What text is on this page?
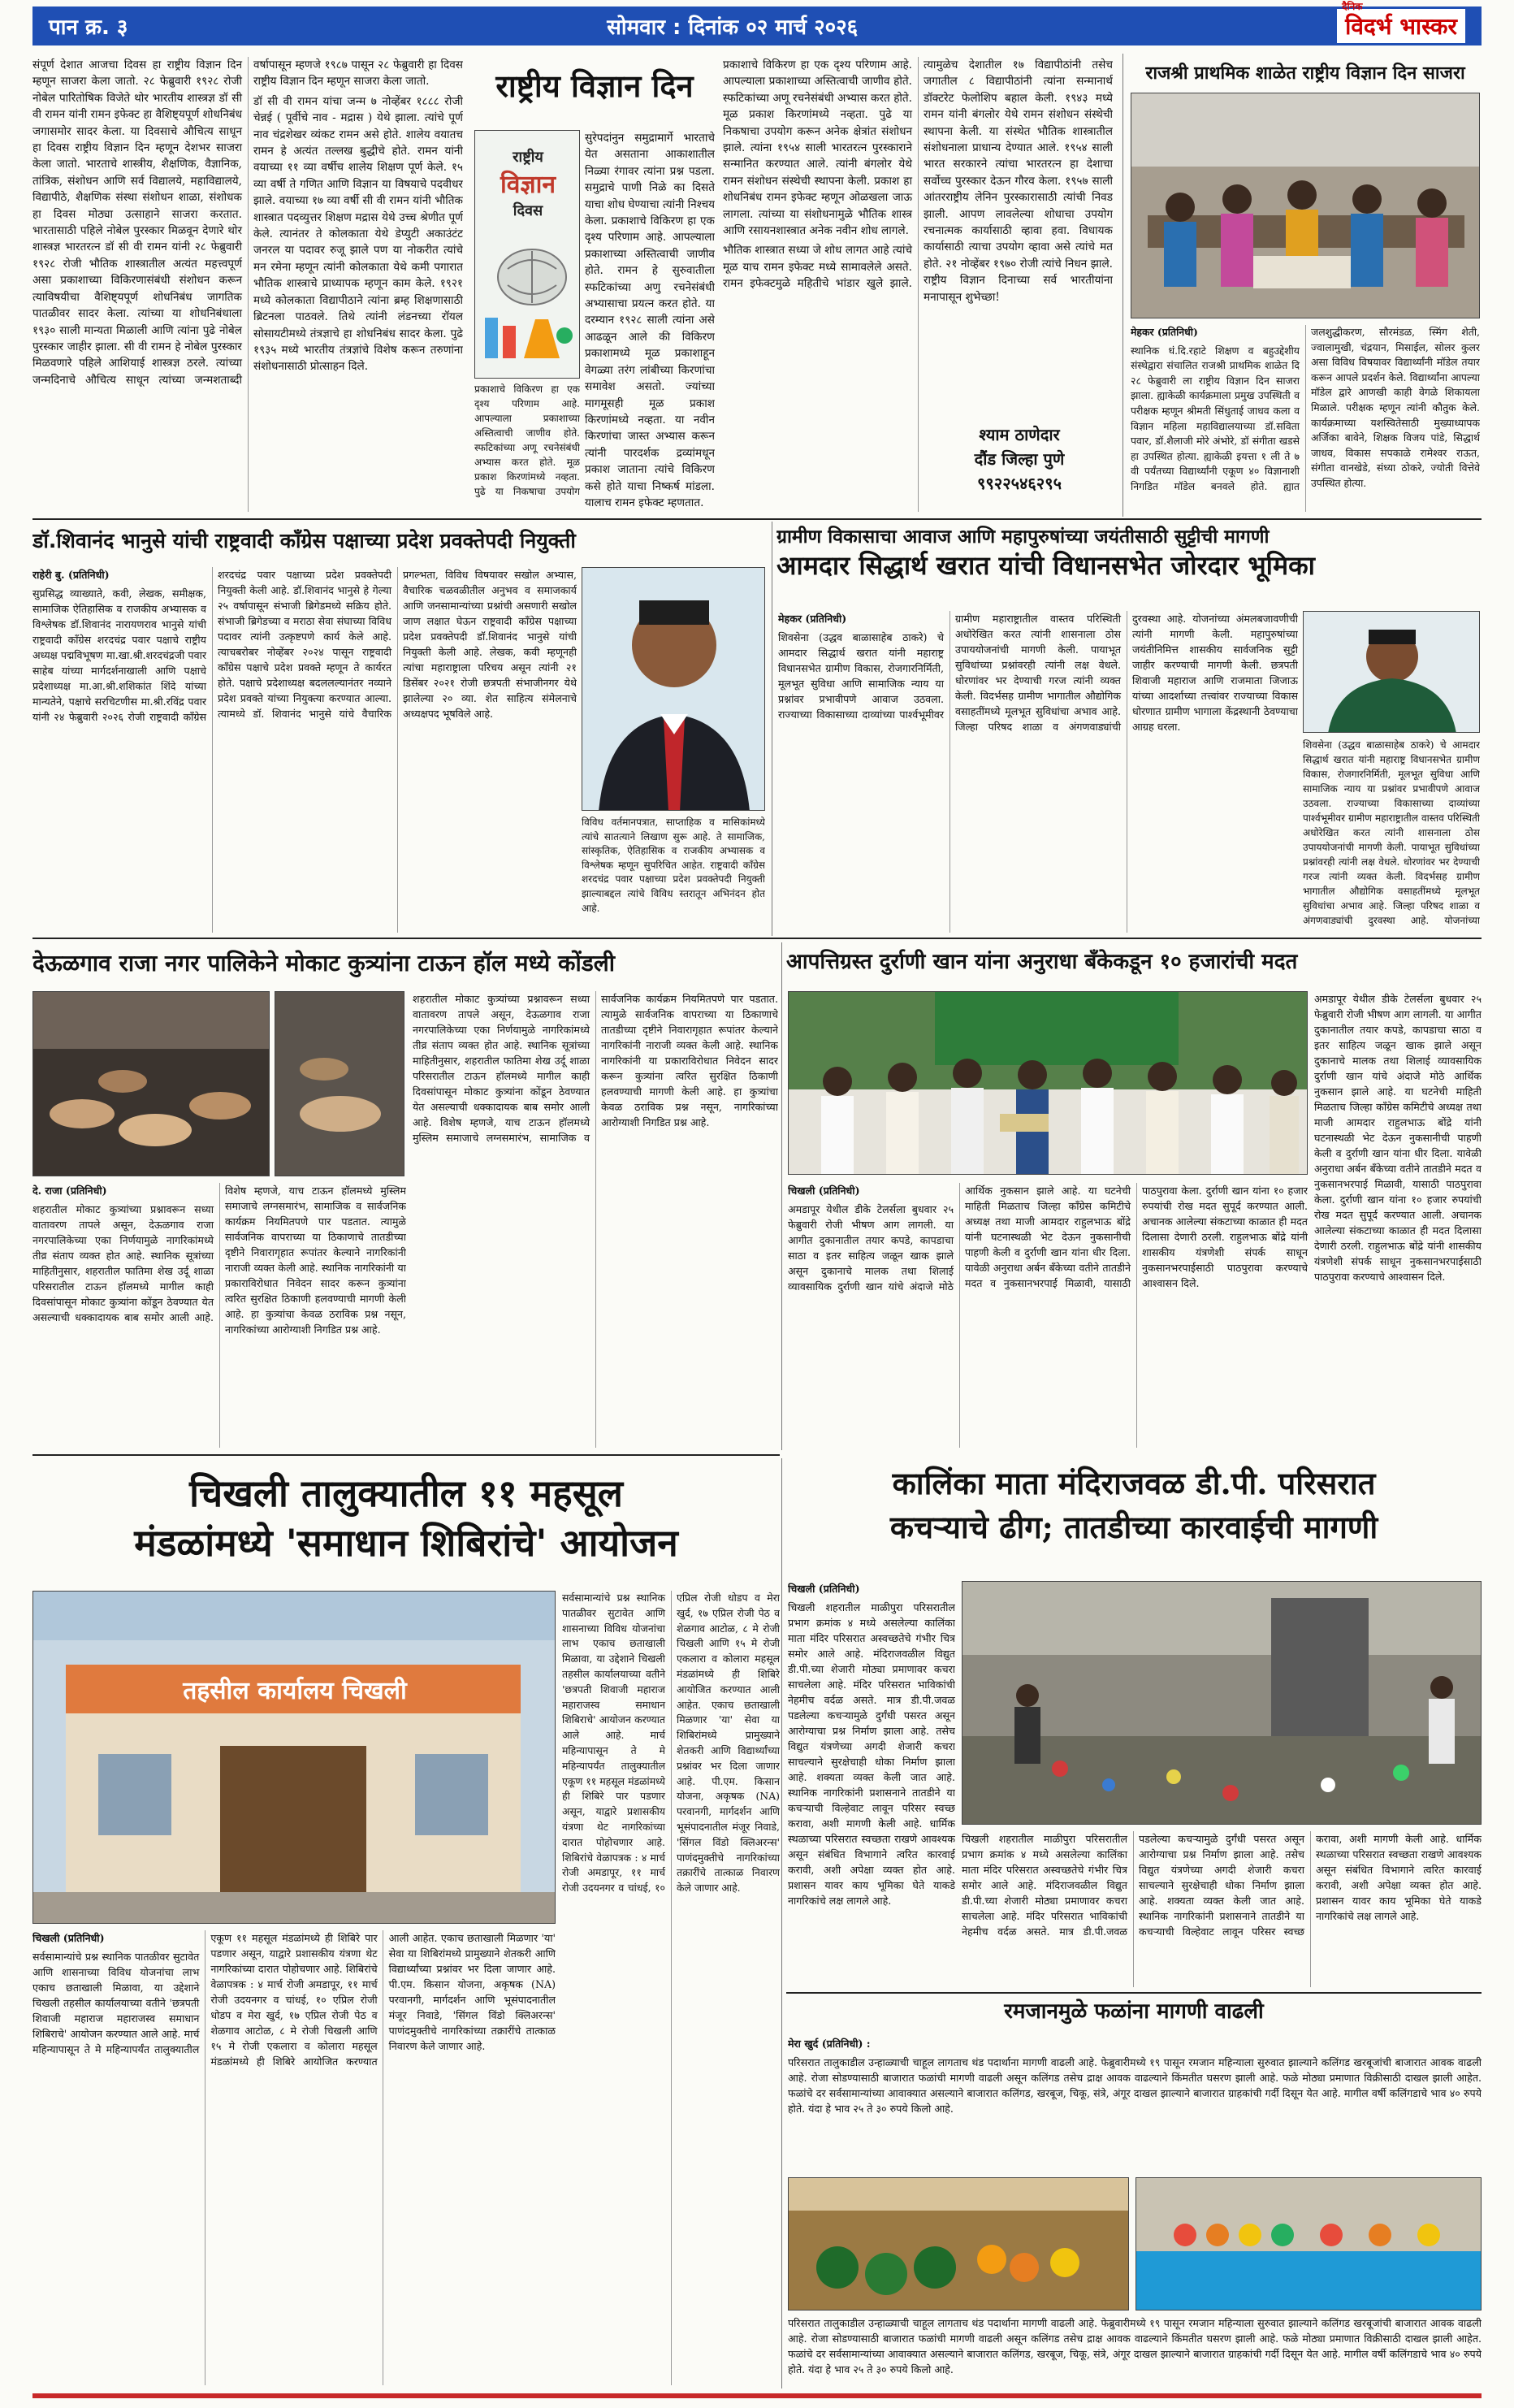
पान क्र. ३	सोमवार : दिनांक ०२ मार्च २०२६
दैनिक
विदर्भ भास्कर

संपूर्ण देशात आजचा दिवस हा राष्ट्रीय विज्ञान दिन म्हणून साजरा केला जातो. २८ फेब्रुवारी १९२८ रोजी नोबेल पारितोषिक विजेते थोर भारतीय शास्त्रज्ञ डॉ सी वी रामन यांनी रामन इफेक्ट हा वैशिष्ट्यपूर्ण शोधनिबंध जगासमोर सादर केला. या दिवसाचे औचित्य साधून हा दिवस राष्ट्रीय विज्ञान दिन म्हणून देशभर साजरा केला जातो. भारताचे शास्त्रीय, शैक्षणिक, वैज्ञानिक, तांत्रिक, संशोधन आणि सर्व विद्यालये, महाविद्यालये, विद्यापीठे, शैक्षणिक संस्था संशोधन शाळा, संशोधक हा दिवस मोठ्या उत्साहाने साजरा करतात. भारतासाठी पहिले नोबेल पुरस्कार मिळवून देणारे थोर शास्त्रज्ञ भारतरत्न डॉ सी वी रामन यांनी २८ फेब्रुवारी १९२८ रोजी भौतिक शास्त्रातील अत्यंत महत्त्वपूर्ण असा प्रकाशाच्या विकिरणासंबंधी संशोधन करून त्याविषयीचा वैशिष्ट्यपूर्ण शोधनिबंध जागतिक पातळीवर सादर केला. त्यांच्या या शोधनिबंधाला १९३० साली मान्यता मिळाली आणि त्यांना पुढे नोबेल पुरस्कार जाहीर झाला. सी वी रामन हे नोबेल पुरस्कार मिळवणारे पहिले आशियाई शास्त्रज्ञ ठरले. त्यांच्या जन्मदिनाचे औचित्य साधून त्यांच्या जन्मशताब्दी वर्षापासून म्हणजे १९८७ पासून २८ फेब्रुवारी हा दिवस राष्ट्रीय विज्ञान दिन म्हणून साजरा केला जातो.

डॉ सी वी रामन यांचा जन्म ७ नोव्हेंबर १८८८ रोजी चेन्नई ( पूर्वीचे नाव - मद्रास ) येथे झाला. त्यांचे पूर्ण नाव चंद्रशेखर व्यंकट रामन असे होते. शालेय वयातच रामन हे अत्यंत तल्लख बुद्धीचे होते. रामन यांनी वयाच्या ११ व्या वर्षीच शालेय शिक्षण पूर्ण केले. १५ व्या वर्षी ते गणित आणि विज्ञान या विषयाचे पदवीधर झाले. वयाच्या १७ व्या वर्षी सी वी रामन यांनी भौतिक शास्त्रात पदव्युत्तर शिक्षण मद्रास येथे उच्च श्रेणीत पूर्ण केले. त्यानंतर ते कोलकाता येथे डेप्युटी अकाउंटंट जनरल या पदावर रुजू झाले पण या नोकरीत त्यांचे मन रमेना म्हणून त्यांनी कोलकाता येथे कमी पगारात भौतिक शास्त्राचे प्राध्यापक म्हणून काम केले. १९२१ मध्ये कोलकाता विद्यापीठाने त्यांना ब्रम्ह शिक्षणासाठी ब्रिटनला पाठवले. तिथे त्यांनी लंडनच्या रॉयल सोसायटीमध्ये तंत्रज्ञाचे हा शोधनिबंध सादर केला. पुढे १९३५ मध्ये भारतीय तंत्रज्ञांचे विशेष करून तरुणांना संशोधनासाठी प्रोत्साहन दिले.

राष्ट्रीय विज्ञान दिन
राष्ट्रीय
विज्ञान
दिवस

सुरेपदांनुन समुद्रामार्गे भारताचे येत असताना आकाशातील निळ्या रंगावर त्यांना प्रश्न पडला. समुद्राचे पाणी निळे का दिसते याचा शोध घेण्याचा त्यांनी निश्चय केला. प्रकाशाचे विकिरण हा एक दृश्य परिणाम आहे. आपल्याला प्रकाशाच्या अस्तित्वाची जाणीव होते. रामन हे सुरुवातीला स्फटिकांच्या अणु रचनेसंबंधी अभ्यासाचा प्रयत्न करत होते. या दरम्यान १९२८ साली त्यांना असे आढळून आले की विकिरण प्रकाशामध्ये मूळ प्रकाशाहून वेगळ्या तरंग लांबीच्या किरणांचा समावेश असतो. ज्यांच्या मागमूसही मूळ प्रकाश किरणांमध्ये नव्हता. या नवीन किरणांचा जास्त अभ्यास करून त्यांनी पारदर्शक द्रव्यांमधून प्रकाश जाताना त्यांचे विकिरण कसे होते याचा निष्कर्ष मांडला. यालाच रामन इफेक्ट म्हणतात.

प्रकाशाचे विकिरण हा एक दृश्य परिणाम आहे. आपल्याला प्रकाशाच्या अस्तित्वाची जाणीव होते. स्फटिकांच्या अणू रचनेसंबंधी अभ्यास करत होते. मूळ प्रकाश किरणांमध्ये नव्हता. पुढे या निकषाचा उपयोग

प्रकाशाचे विकिरण हा एक दृश्य परिणाम आहे. आपल्याला प्रकाशाच्या अस्तित्वाची जाणीव होते. स्फटिकांच्या अणू रचनेसंबंधी अभ्यास करत होते. मूळ प्रकाश किरणांमध्ये नव्हता. पुढे या निकषाचा उपयोग करून अनेक क्षेत्रांत संशोधन झाले. त्यांना १९५४ साली भारतरत्न पुरस्काराने सन्मानित करण्यात आले. त्यांनी बंगलोर येथे रामन संशोधन संस्थेची स्थापना केली. प्रकाश हा शोधनिबंध रामन इफेक्ट म्हणून ओळखला जाऊ लागला. त्यांच्या या संशोधनामुळे भौतिक शास्त्र आणि रसायनशास्त्रात अनेक नवीन शोध लागले.

भौतिक शास्त्रात सध्या जे शोध लागत आहे त्यांचे मूळ याच रामन इफेक्ट मध्ये सामावलेले असते. रामन इफेक्टमुळे महितीचे भांडार खुले झाले. त्यामुळेच देशातील १७ विद्यापीठांनी तसेच जगातील ८ विद्यापीठांनी त्यांना सन्मानार्थ डॉक्टरेट फेलोशिप बहाल केली. १९४३ मध्ये रामन यांनी बंगलोर येथे रामन संशोधन संस्थेची स्थापना केली. या संस्थेत भौतिक शास्त्रातील संशोधनाला प्राधान्य देण्यात आले. १९५४ साली भारत सरकारने त्यांचा भारतरत्न हा देशाचा सर्वोच्च पुरस्कार देऊन गौरव केला. १९५७ साली आंतरराष्ट्रीय लेनिन पुरस्कारासाठी त्यांची निवड झाली. आपण लावलेल्या शोधाचा उपयोग रचनात्मक कार्यासाठी व्हावा हवा. विधायक कार्यासाठी त्याचा उपयोग व्हावा असे त्यांचे मत होते. २१ नोव्हेंबर १९७० रोजी त्यांचे निधन झाले. राष्ट्रीय विज्ञान दिनाच्या सर्व भारतीयांना मनापासून शुभेच्छा!

श्याम ठाणेदार
दौंड जिल्हा पुणे
९९२२५४६२९५
राजश्री प्राथमिक शाळेत राष्ट्रीय विज्ञान दिन साजरा

मेहकर (प्रतिनिधी)

स्थानिक धं.दि.रहाटे शिक्षण व बहुउद्देशीय संस्थेद्वारा संचालित राजश्री प्राथमिक शाळेत दि २८ फेब्रुवारी ला राष्ट्रीय विज्ञान दिन साजरा झाला. ह्याकेळी कार्यक्रमाला प्रमुख उपस्थिती व परीक्षक म्हणून श्रीमती सिंधुताई जाधव कला व विज्ञान महिला महाविद्यालयाच्या डॉ.सविता पवार, डॉ.शैलाजी मोरे अंभोरे, डॉ संगीता खडसे हा उपस्थित होत्या. ह्याकेळी इयत्ता १ ली ते ७ वी पर्यंतच्या विद्यार्थ्यांनी एकूण ४० विज्ञानाशी निगडित मॉडेल बनवले होते. ह्यात जलशुद्धीकरण, सौरमंडळ, स्मिंग शेती, ज्वालामुखी, चंद्रयान, मिसाईल, सोलर कुलर असा विविध विषयावर विद्यार्थ्यांनी मॉडेल तयार करून आपले प्रदर्शन केले. विद्यार्थ्यांना आपल्या मॉडेल द्वारे आणखी काही वेगळे शिकायला मिळाले. परीक्षक म्हणून त्यांनी कौतुक केले. कार्यक्रमाच्या यशस्वितेसाठी मुख्याध्यापक अर्जिका बावेने, शिक्षक विजय पांडे, सिद्धार्थ जाधव, विकास सपकाळे रामेश्वर राऊत, संगीता वानखेडे, संध्या ठोकरे, ज्योती वित्तेवे उपस्थित होत्या.

डॉ.शिवानंद भानुसे यांची राष्ट्रवादी काँग्रेस पक्षाच्या प्रदेश प्रवक्तेपदी नियुक्ती

राहेरी बु. (प्रतिनिधी)

सुप्रसिद्ध व्याख्याते, कवी, लेखक, समीक्षक, सामाजिक ऐतिहासिक व राजकीय अभ्यासक व विश्लेषक डॉ.शिवानंद नारायणराव भानुसे यांची राष्ट्रवादी काँग्रेस शरदचंद्र पवार पक्षाचे राष्ट्रीय अध्यक्ष पद्मविभूषण मा.खा.श्री.शरदचंद्रजी पवार साहेब यांच्या मार्गदर्शनाखाली आणि पक्षाचे प्रदेशाध्यक्ष मा.आ.श्री.शशिकांत शिंदे यांच्या मान्यतेने, पक्षाचे सरचिटणीस मा.श्री.रविंद्र पवार यांनी २४ फेब्रुवारी २०२६ रोजी राष्ट्रवादी काँग्रेस शरदचंद्र पवार पक्षाच्या प्रदेश प्रवक्तेपदी नियुक्ती केली आहे. डॉ.शिवानंद भानुसे हे गेल्या २५ वर्षापासून संभाजी ब्रिगेडमध्ये सक्रिय होते. संभाजी ब्रिगेडच्या व मराठा सेवा संघाच्या विविध पदावर त्यांनी उत्कृष्टपणे कार्य केले आहे. त्याचबरोबर नोव्हेंबर २०२४ पासून राष्ट्रवादी काँग्रेस पक्षाचे प्रदेश प्रवक्ते म्हणून ते कार्यरत होते. पक्षाचे प्रदेशाध्यक्ष बदललल्यानंतर नव्याने प्रदेश प्रवक्ते यांच्या नियुक्त्या करण्यात आल्या. त्यामध्ये डॉ. शिवानंद भानुसे यांचे वैचारिक प्रगल्भता, विविध विषयावर सखोल अभ्यास, वैचारिक चळवळीतील अनुभव व समाजकार्य आणि जनसामान्यांच्या प्रश्नांची असणारी सखोल जाण लक्षात घेऊन राष्ट्रवादी काँग्रेस पक्षाच्या प्रदेश प्रवक्तेपदी डॉ.शिवानंद भानुसे यांची नियुक्ती केली आहे. लेखक, कवी म्हणूनही त्यांचा महाराष्ट्राला परिचय असून त्यांनी २१ डिसेंबर २०२१ रोजी छत्रपती संभाजीनगर येथे झालेल्या २० व्या. शेत साहित्य संमेलनाचे अध्यक्षपद भूषविले आहे.

विविध वर्तमानपत्रात, साप्ताहिक व मासिकांमध्ये त्यांचे सातत्याने लिखाण सुरू आहे. ते सामाजिक, सांस्कृतिक, ऐतिहासिक व राजकीय अभ्यासक व विश्लेषक म्हणून सुपरिचित आहेत. राष्ट्रवादी काँग्रेस शरदचंद्र पवार पक्षाच्या प्रदेश प्रवक्तेपदी नियुक्ती झाल्याबद्दल त्यांचे विविध स्तरातून अभिनंदन होत आहे.

ग्रामीण विकासाचा आवाज आणि महापुरुषांच्या जयंतीसाठी सुट्टीची मागणी
आमदार सिद्धार्थ खरात यांची विधानसभेत जोरदार भूमिका

मेहकर (प्रतिनिधी)

शिवसेना (उद्धव बाळासाहेब ठाकरे) चे आमदार सिद्धार्थ खरात यांनी महाराष्ट्र विधानसभेत ग्रामीण विकास, रोजगारनिर्मिती, मूलभूत सुविधा आणि सामाजिक न्याय या प्रश्नांवर प्रभावीपणे आवाज उठवला. राज्याच्या विकासाच्या दाव्यांच्या पार्श्वभूमीवर ग्रामीण महाराष्ट्रातील वास्तव परिस्थिती अधोरेखित करत त्यांनी शासनाला ठोस उपाययोजनांची मागणी केली. पायाभूत सुविधांच्या प्रश्नांवरही त्यांनी लक्ष वेधले. धोरणांवर भर देण्याची गरज त्यांनी व्यक्त केली. विदर्भसह ग्रामीण भागातील औद्योगिक वसाहतींमध्ये मूलभूत सुविधांचा अभाव आहे. जिल्हा परिषद शाळा व अंगणवाड्यांची दुरवस्था आहे. योजनांच्या अंमलबजावणीची त्यांनी मागणी केली. महापुरुषांच्या जयंतीनिमित्त शासकीय सार्वजनिक सुट्टी जाहीर करण्याची मागणी केली. छत्रपती शिवाजी महाराज आणि राजमाता जिजाऊ यांच्या आदर्शाच्या तत्त्वांवर राज्याच्या विकास धोरणात ग्रामीण भागाला केंद्रस्थानी ठेवण्याचा आग्रह धरला.

शिवसेना (उद्धव बाळासाहेब ठाकरे) चे आमदार सिद्धार्थ खरात यांनी महाराष्ट्र विधानसभेत ग्रामीण विकास, रोजगारनिर्मिती, मूलभूत सुविधा आणि सामाजिक न्याय या प्रश्नांवर प्रभावीपणे आवाज उठवला. राज्याच्या विकासाच्या दाव्यांच्या पार्श्वभूमीवर ग्रामीण महाराष्ट्रातील वास्तव परिस्थिती अधोरेखित करत त्यांनी शासनाला ठोस उपाययोजनांची मागणी केली. पायाभूत सुविधांच्या प्रश्नांवरही त्यांनी लक्ष वेधले. धोरणांवर भर देण्याची गरज त्यांनी व्यक्त केली. विदर्भसह ग्रामीण भागातील औद्योगिक वसाहतींमध्ये मूलभूत सुविधांचा अभाव आहे. जिल्हा परिषद शाळा व अंगणवाड्यांची दुरवस्था आहे. योजनांच्या

देऊळगाव राजा नगर पालिकेने मोकाट कुत्र्यांना टाऊन हॉल मध्ये कोंडली

दे. राजा (प्रतिनिधी)

शहरातील मोकाट कुत्र्यांच्या प्रश्नावरून सध्या वातावरण तापले असून, देऊळगाव राजा नगरपालिकेच्या एका निर्णयामुळे नागरिकांमध्ये तीव्र संताप व्यक्त होत आहे. स्थानिक सूत्रांच्या माहितीनुसार, शहरातील फातिमा शेख उर्दू शाळा परिसरातील टाऊन हॉलमध्ये मागील काही दिवसांपासून मोकाट कुत्र्यांना कोंडून ठेवण्यात येत असल्याची धक्कादायक बाब समोर आली आहे. विशेष म्हणजे, याच टाऊन हॉलमध्ये मुस्लिम समाजाचे लग्नसमारंभ, सामाजिक व सार्वजनिक कार्यक्रम नियमितपणे पार पडतात. त्यामुळे सार्वजनिक वापराच्या या ठिकाणाचे तातडीच्या दृष्टीने निवारागृहात रूपांतर केल्याने नागरिकांनी नाराजी व्यक्त केली आहे. स्थानिक नागरिकांनी या प्रकाराविरोधात निवेदन सादर करून कुत्र्यांना त्वरित सुरक्षित ठिकाणी हलवण्याची मागणी केली आहे. हा कुत्र्यांचा केवळ ठराविक प्रश्न नसून, नागरिकांच्या आरोग्याशी निगडित प्रश्न आहे.

शहरातील मोकाट कुत्र्यांच्या प्रश्नावरून सध्या वातावरण तापले असून, देऊळगाव राजा नगरपालिकेच्या एका निर्णयामुळे नागरिकांमध्ये तीव्र संताप व्यक्त होत आहे. स्थानिक सूत्रांच्या माहितीनुसार, शहरातील फातिमा शेख उर्दू शाळा परिसरातील टाऊन हॉलमध्ये मागील काही दिवसांपासून मोकाट कुत्र्यांना कोंडून ठेवण्यात येत असल्याची धक्कादायक बाब समोर आली आहे. विशेष म्हणजे, याच टाऊन हॉलमध्ये मुस्लिम समाजाचे लग्नसमारंभ, सामाजिक व सार्वजनिक कार्यक्रम नियमितपणे पार पडतात. त्यामुळे सार्वजनिक वापराच्या या ठिकाणाचे तातडीच्या दृष्टीने निवारागृहात रूपांतर केल्याने नागरिकांनी नाराजी व्यक्त केली आहे. स्थानिक नागरिकांनी या प्रकाराविरोधात निवेदन सादर करून कुत्र्यांना त्वरित सुरक्षित ठिकाणी हलवण्याची मागणी केली आहे. हा कुत्र्यांचा केवळ ठराविक प्रश्न नसून, नागरिकांच्या आरोग्याशी निगडित प्रश्न आहे.

आपत्तिग्रस्त दुर्राणी खान यांना अनुराधा बँकेकडून १० हजारांची मदत

चिखली (प्रतिनिधी)

अमडापूर येथील डीके टेलर्सला बुधवार २५ फेब्रुवारी रोजी भीषण आग लागली. या आगीत दुकानातील तयार कपडे, कापडाचा साठा व इतर साहित्य जळून खाक झाले असून दुकानाचे मालक तथा शिलाई व्यावसायिक दुर्राणी खान यांचे अंदाजे मोठे आर्थिक नुकसान झाले आहे. या घटनेची माहिती मिळताच जिल्हा काँग्रेस कमिटीचे अध्यक्ष तथा माजी आमदार राहुलभाऊ बोंद्रे यांनी घटनास्थळी भेट देऊन नुकसानीची पाहणी केली व दुर्राणी खान यांना धीर दिला. यावेळी अनुराधा अर्बन बँकेच्या वतीने तातडीने मदत व नुकसानभरपाई मिळावी, यासाठी पाठपुरावा केला. दुर्राणी खान यांना १० हजार रुपयांची रोख मदत सुपूर्द करण्यात आली. अचानक आलेल्या संकटाच्या काळात ही मदत दिलासा देणारी ठरली. राहुलभाऊ बोंद्रे यांनी शासकीय यंत्रणेशी संपर्क साधून नुकसानभरपाईसाठी पाठपुरावा करण्याचे आश्वासन दिले.

अमडापूर येथील डीके टेलर्सला बुधवार २५ फेब्रुवारी रोजी भीषण आग लागली. या आगीत दुकानातील तयार कपडे, कापडाचा साठा व इतर साहित्य जळून खाक झाले असून दुकानाचे मालक तथा शिलाई व्यावसायिक दुर्राणी खान यांचे अंदाजे मोठे आर्थिक नुकसान झाले आहे. या घटनेची माहिती मिळताच जिल्हा काँग्रेस कमिटीचे अध्यक्ष तथा माजी आमदार राहुलभाऊ बोंद्रे यांनी घटनास्थळी भेट देऊन नुकसानीची पाहणी केली व दुर्राणी खान यांना धीर दिला. यावेळी अनुराधा अर्बन बँकेच्या वतीने तातडीने मदत व नुकसानभरपाई मिळावी, यासाठी पाठपुरावा केला. दुर्राणी खान यांना १० हजार रुपयांची रोख मदत सुपूर्द करण्यात आली. अचानक आलेल्या संकटाच्या काळात ही मदत दिलासा देणारी ठरली. राहुलभाऊ बोंद्रे यांनी शासकीय यंत्रणेशी संपर्क साधून नुकसानभरपाईसाठी पाठपुरावा करण्याचे आश्वासन दिले.

चिखली तालुक्यातील ११ महसूल
मंडळांमध्ये 'समाधान शिबिरांचे' आयोजन
तहसील कार्यालय चिखली

चिखली (प्रतिनिधी)

सर्वसामान्यांचे प्रश्न स्थानिक पातळीवर सुटावेत आणि शासनाच्या विविध योजनांचा लाभ एकाच छताखाली मिळावा, या उद्देशाने चिखली तहसील कार्यालयाच्या वतीने 'छत्रपती शिवाजी महाराज महाराजस्व समाधान शिबिराचे' आयोजन करण्यात आले आहे. मार्च महिन्यापासून ते मे महिन्यापर्यंत तालुक्यातील एकूण ११ महसूल मंडळांमध्ये ही शिबिरे पार पडणार असून, याद्वारे प्रशासकीय यंत्रणा थेट नागरिकांच्या दारात पोहोचणार आहे. शिबिरांचे वेळापत्रक : ४ मार्च रोजी अमडापूर, ११ मार्च रोजी उदयनगर व चांधई, १० एप्रिल रोजी धोडप व मेरा खुर्द, १७ एप्रिल रोजी पेठ व शेळगाव आटोळ, ८ मे रोजी चिखली आणि १५ मे रोजी एकलारा व कोलारा महसूल मंडळांमध्ये ही शिबिरे आयोजित करण्यात आली आहेत. एकाच छताखाली मिळणार 'या' सेवा या शिबिरांमध्ये प्रामुख्याने शेतकरी आणि विद्यार्थ्यांच्या प्रश्नांवर भर दिला जाणार आहे. पी.एम. किसान योजना, अकृषक (NA) परवानगी, मार्गदर्शन आणि भूसंपादनातील मंजूर निवाडे, 'सिंगल विंडो क्लिअरन्स' पाणंदमुक्तीचे नागरिकांच्या तक्रारींचे तात्काळ निवारण केले जाणार आहे.

सर्वसामान्यांचे प्रश्न स्थानिक पातळीवर सुटावेत आणि शासनाच्या विविध योजनांचा लाभ एकाच छताखाली मिळावा, या उद्देशाने चिखली तहसील कार्यालयाच्या वतीने 'छत्रपती शिवाजी महाराज महाराजस्व समाधान शिबिराचे' आयोजन करण्यात आले आहे. मार्च महिन्यापासून ते मे महिन्यापर्यंत तालुक्यातील एकूण ११ महसूल मंडळांमध्ये ही शिबिरे पार पडणार असून, याद्वारे प्रशासकीय यंत्रणा थेट नागरिकांच्या दारात पोहोचणार आहे. शिबिरांचे वेळापत्रक : ४ मार्च रोजी अमडापूर, ११ मार्च रोजी उदयनगर व चांधई, १० एप्रिल रोजी धोडप व मेरा खुर्द, १७ एप्रिल रोजी पेठ व शेळगाव आटोळ, ८ मे रोजी चिखली आणि १५ मे रोजी एकलारा व कोलारा महसूल मंडळांमध्ये ही शिबिरे आयोजित करण्यात आली आहेत. एकाच छताखाली मिळणार 'या' सेवा या शिबिरांमध्ये प्रामुख्याने शेतकरी आणि विद्यार्थ्यांच्या प्रश्नांवर भर दिला जाणार आहे. पी.एम. किसान योजना, अकृषक (NA) परवानगी, मार्गदर्शन आणि भूसंपादनातील मंजूर निवाडे, 'सिंगल विंडो क्लिअरन्स' पाणंदमुक्तीचे नागरिकांच्या तक्रारींचे तात्काळ निवारण केले जाणार आहे.

कालिंका माता मंदिराजवळ डी.पी. परिसरात
कचऱ्याचे ढीग; तातडीच्या कारवाईची मागणी

चिखली (प्रतिनिधी)

चिखली शहरातील माळीपुरा परिसरातील प्रभाग क्रमांक ४ मध्ये असलेल्या कालिंका माता मंदिर परिसरात अस्वच्छतेचे गंभीर चित्र समोर आले आहे. मंदिराजवळील विद्युत डी.पी.च्या शेजारी मोठ्या प्रमाणावर कचरा साचलेला आहे. मंदिर परिसरात भाविकांची नेहमीच वर्दळ असते. मात्र डी.पी.जवळ पडलेल्या कचऱ्यामुळे दुर्गंधी पसरत असून आरोग्याचा प्रश्न निर्माण झाला आहे. तसेच विद्युत यंत्रणेच्या अगदी शेजारी कचरा साचल्याने सुरक्षेचाही धोका निर्माण झाला आहे. शक्यता व्यक्त केली जात आहे. स्थानिक नागरिकांनी प्रशासनाने तातडीने या कचऱ्याची विल्हेवाट लावून परिसर स्वच्छ करावा, अशी मागणी केली आहे. धार्मिक स्थळाच्या परिसरात स्वच्छता राखणे आवश्यक असून संबंधित विभागाने त्वरित कारवाई करावी, अशी अपेक्षा व्यक्त होत आहे. प्रशासन यावर काय भूमिका घेते याकडे नागरिकांचे लक्ष लागले आहे.

चिखली शहरातील माळीपुरा परिसरातील प्रभाग क्रमांक ४ मध्ये असलेल्या कालिंका माता मंदिर परिसरात अस्वच्छतेचे गंभीर चित्र समोर आले आहे. मंदिराजवळील विद्युत डी.पी.च्या शेजारी मोठ्या प्रमाणावर कचरा साचलेला आहे. मंदिर परिसरात भाविकांची नेहमीच वर्दळ असते. मात्र डी.पी.जवळ पडलेल्या कचऱ्यामुळे दुर्गंधी पसरत असून आरोग्याचा प्रश्न निर्माण झाला आहे. तसेच विद्युत यंत्रणेच्या अगदी शेजारी कचरा साचल्याने सुरक्षेचाही धोका निर्माण झाला आहे. शक्यता व्यक्त केली जात आहे. स्थानिक नागरिकांनी प्रशासनाने तातडीने या कचऱ्याची विल्हेवाट लावून परिसर स्वच्छ करावा, अशी मागणी केली आहे. धार्मिक स्थळाच्या परिसरात स्वच्छता राखणे आवश्यक असून संबंधित विभागाने त्वरित कारवाई करावी, अशी अपेक्षा व्यक्त होत आहे. प्रशासन यावर काय भूमिका घेते याकडे नागरिकांचे लक्ष लागले आहे.

रमजानमुळे फळांना मागणी वाढली

मेरा खुर्द (प्रतिनिधी) :

परिसरात तालुकाडील उन्हाळ्याची चाहूल लागताच थंड पदार्थाना मागणी वाढली आहे. फेब्रुवारीमध्ये १९ पासून रमजान महिन्याला सुरुवात झाल्याने कलिंगड खरबूजांची बाजारात आवक वाढली आहे. रोजा सोडण्यासाठी बाजारात फळांची मागणी वाढली असून कलिंगड तसेच द्राक्ष आवक वाढल्याने किंमतीत घसरण झाली आहे. फळे मोठ्या प्रमाणात विक्रीसाठी दाखल झाली आहेत. फळांचे दर सर्वसामान्यांच्या आवाक्यात असल्याने बाजारात कलिंगड, खरबूज, चिकू, संत्रे, अंगूर दाखल झाल्याने बाजारात ग्राहकांची गर्दी दिसून येत आहे. मागील वर्षी कलिंगडाचे भाव ४० रुपये होते. यंदा हे भाव २५ ते ३० रुपये किलो आहे.

परिसरात तालुकाडील उन्हाळ्याची चाहूल लागताच थंड पदार्थाना मागणी वाढली आहे. फेब्रुवारीमध्ये १९ पासून रमजान महिन्याला सुरुवात झाल्याने कलिंगड खरबूजांची बाजारात आवक वाढली आहे. रोजा सोडण्यासाठी बाजारात फळांची मागणी वाढली असून कलिंगड तसेच द्राक्ष आवक वाढल्याने किंमतीत घसरण झाली आहे. फळे मोठ्या प्रमाणात विक्रीसाठी दाखल झाली आहेत. फळांचे दर सर्वसामान्यांच्या आवाक्यात असल्याने बाजारात कलिंगड, खरबूज, चिकू, संत्रे, अंगूर दाखल झाल्याने बाजारात ग्राहकांची गर्दी दिसून येत आहे. मागील वर्षी कलिंगडाचे भाव ४० रुपये होते. यंदा हे भाव २५ ते ३० रुपये किलो आहे.
